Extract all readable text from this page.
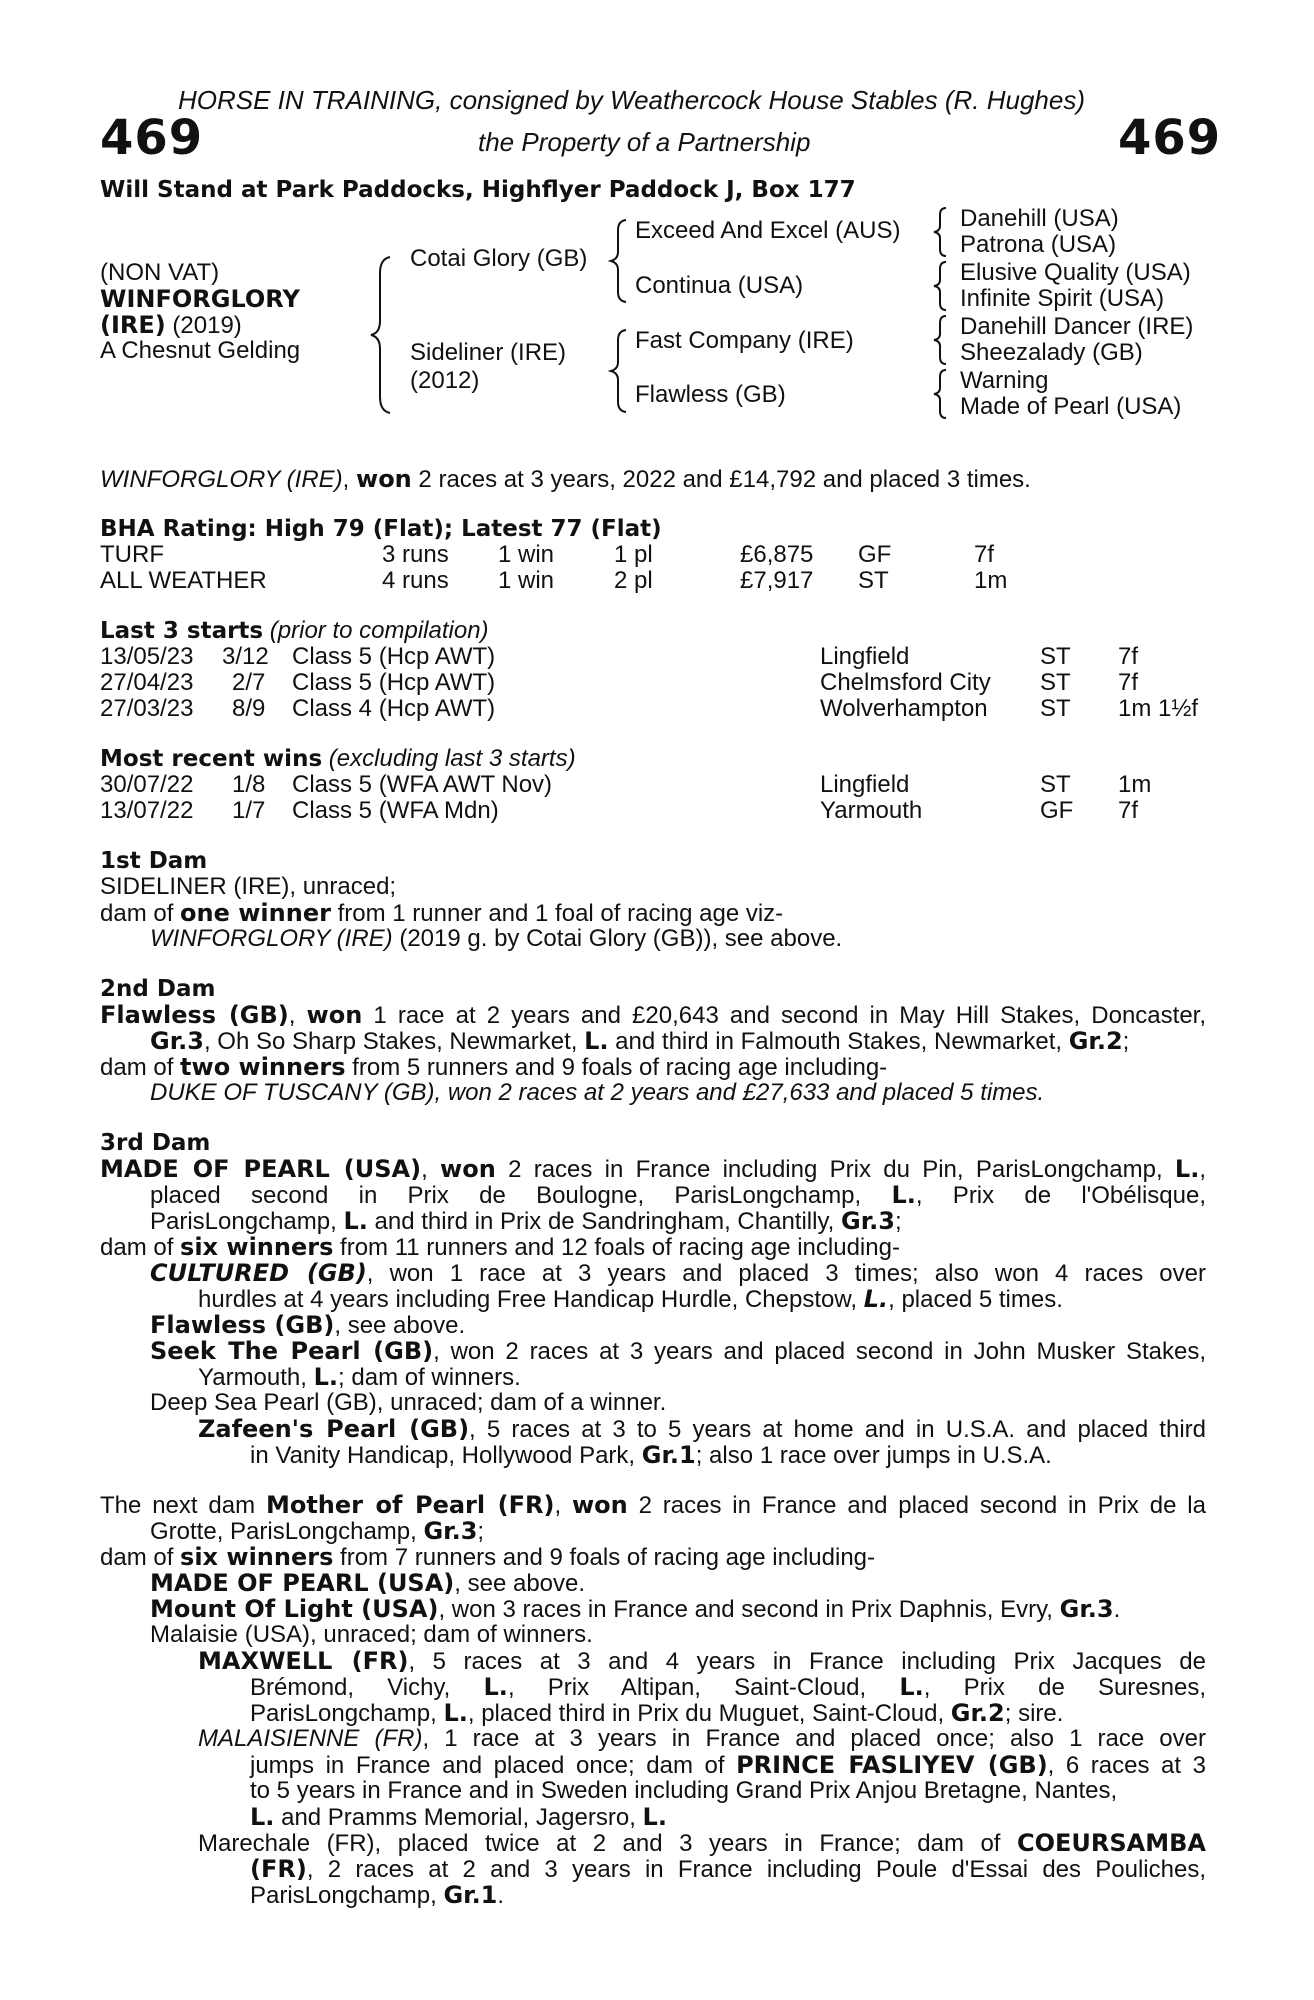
HORSE IN TRAINING, consigned by Weathercock House Stables (R. Hughes)
469	the Property of a Partnership	469
Will Stand at Park Paddocks, Highflyer Paddock J, Box 177
(NON VAT)
WINFORGLORY
(IRE) (2019)
A Chesnut Gelding
Cotai Glory (GB)
Sideliner (IRE)
(2012)
Exceed And Excel (AUS)
Continua (USA)
Fast Company (IRE)
Flawless (GB)
Danehill (USA)
Patrona (USA)
Elusive Quality (USA)
Infinite Spirit (USA)
Danehill Dancer (IRE)
Sheezalady (GB)
Warning
Made of Pearl (USA)
WINFORGLORY (IRE), won 2 races at 3 years, 2022 and £14,792 and placed 3 times.
BHA Rating: High 79 (Flat); Latest 77 (Flat)
TURF	3 runs 1 win 1 pl	£6,875 GF	7f
ALL WEATHER	4 runs 1 win 2 pl	£7,917 ST	1m
Last 3 starts (prior to compilation)
13/05/23 3/12 Class 5 (Hcp AWT)	Lingfield	ST 7f
27/04/23 2/7 Class 5 (Hcp AWT)	Chelmsford City ST 7f
27/03/23 8/9 Class 4 (Hcp AWT)	Wolverhampton ST 1m 1½f
Most recent wins (excluding last 3 starts)
30/07/22 1/8 Class 5 (WFA AWT Nov)	Lingfield	ST 1m
13/07/22 1/7 Class 5 (WFA Mdn)	Yarmouth	GF 7f
1st Dam
SIDELINER (IRE), unraced;
dam of one winner from 1 runner and 1 foal of racing age viz-
WINFORGLORY (IRE) (2019 g. by Cotai Glory (GB)), see above.
2nd Dam
Flawless (GB), won 1 race at 2 years and £20,643 and second in May Hill Stakes, Doncaster,
Gr.3, Oh So Sharp Stakes, Newmarket, L. and third in Falmouth Stakes, Newmarket, Gr.2;
dam of two winners from 5 runners and 9 foals of racing age including-
DUKE OF TUSCANY (GB), won 2 races at 2 years and £27,633 and placed 5 times.
3rd Dam
MADE OF PEARL (USA), won 2 races in France including Prix du Pin, ParisLongchamp, L.,
placed second in Prix de Boulogne, ParisLongchamp, L., Prix de l'Obélisque,
ParisLongchamp, L. and third in Prix de Sandringham, Chantilly, Gr.3;
dam of six winners from 11 runners and 12 foals of racing age including-
CULTURED (GB), won 1 race at 3 years and placed 3 times; also won 4 races over
hurdles at 4 years including Free Handicap Hurdle, Chepstow, L., placed 5 times.
Flawless (GB), see above.
Seek The Pearl (GB), won 2 races at 3 years and placed second in John Musker Stakes,
Yarmouth, L.; dam of winners.
Deep Sea Pearl (GB), unraced; dam of a winner.
Zafeen's Pearl (GB), 5 races at 3 to 5 years at home and in U.S.A. and placed third
in Vanity Handicap, Hollywood Park, Gr.1; also 1 race over jumps in U.S.A.
The next dam Mother of Pearl (FR), won 2 races in France and placed second in Prix de la
Grotte, ParisLongchamp, Gr.3;
dam of six winners from 7 runners and 9 foals of racing age including-
MADE OF PEARL (USA), see above.
Mount Of Light (USA), won 3 races in France and second in Prix Daphnis, Evry, Gr.3.
Malaisie (USA), unraced; dam of winners.
MAXWELL (FR), 5 races at 3 and 4 years in France including Prix Jacques de
Brémond, Vichy, L., Prix Altipan, Saint-Cloud, L., Prix de Suresnes,
ParisLongchamp, L., placed third in Prix du Muguet, Saint-Cloud, Gr.2; sire.
MALAISIENNE (FR), 1 race at 3 years in France and placed once; also 1 race over
jumps in France and placed once; dam of PRINCE FASLIYEV (GB), 6 races at 3
to 5 years in France and in Sweden including Grand Prix Anjou Bretagne, Nantes,
L. and Pramms Memorial, Jagersro, L.
Marechale (FR), placed twice at 2 and 3 years in France; dam of COEURSAMBA
(FR), 2 races at 2 and 3 years in France including Poule d'Essai des Pouliches,
ParisLongchamp, Gr.1.
